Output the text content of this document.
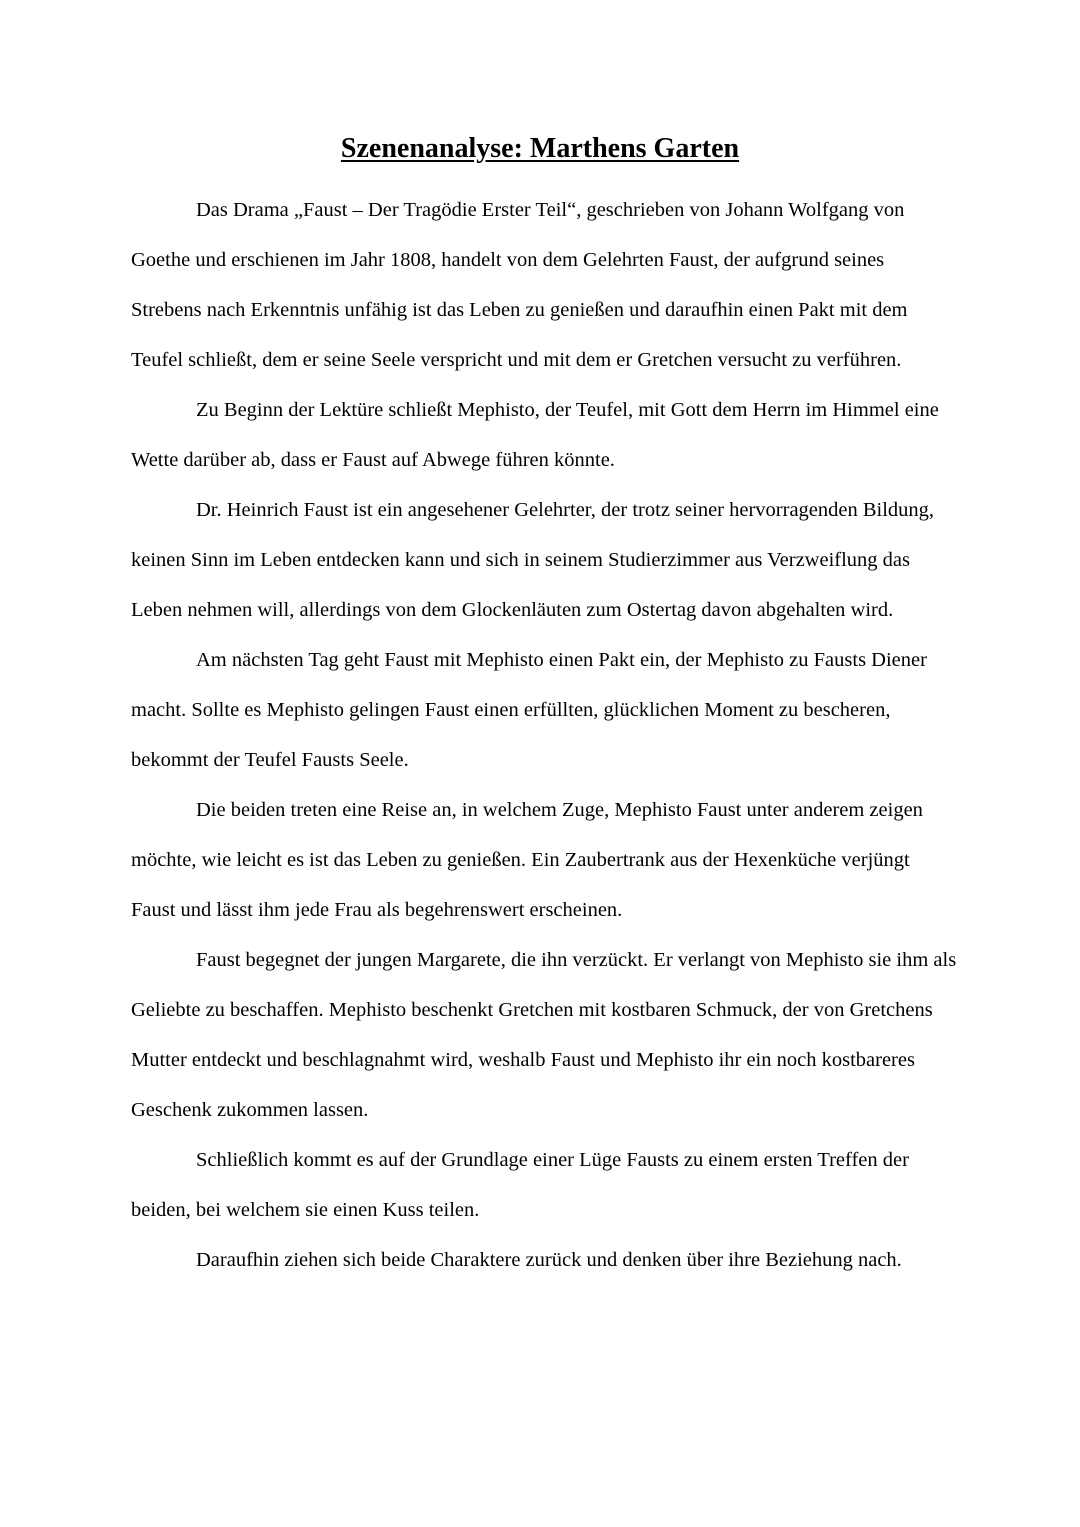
Szenenanalyse: Marthens Garten

Das Drama „Faust – Der Tragödie Erster Teil“, geschrieben von Johann Wolfgang von Goethe und erschienen im Jahr 1808, handelt von dem Gelehrten Faust, der aufgrund seines Strebens nach Erkenntnis unfähig ist das Leben zu genießen und daraufhin einen Pakt mit dem Teufel schließt, dem er seine Seele verspricht und mit dem er Gretchen versucht zu verführen.

Zu Beginn der Lektüre schließt Mephisto, der Teufel, mit Gott dem Herrn im Himmel eine Wette darüber ab, dass er Faust auf Abwege führen könnte.

Dr. Heinrich Faust ist ein angesehener Gelehrter, der trotz seiner hervorragenden Bildung, keinen Sinn im Leben entdecken kann und sich in seinem Studierzimmer aus Verzweiflung das Leben nehmen will, allerdings von dem Glockenläuten zum Ostertag davon abgehalten wird.

Am nächsten Tag geht Faust mit Mephisto einen Pakt ein, der Mephisto zu Fausts Diener macht. Sollte es Mephisto gelingen Faust einen erfüllten, glücklichen Moment zu bescheren, bekommt der Teufel Fausts Seele.

Die beiden treten eine Reise an, in welchem Zuge, Mephisto Faust unter anderem zeigen möchte, wie leicht es ist das Leben zu genießen. Ein Zaubertrank aus der Hexenküche verjüngt Faust und lässt ihm jede Frau als begehrenswert erscheinen.

Faust begegnet der jungen Margarete, die ihn verzückt. Er verlangt von Mephisto sie ihm als Geliebte zu beschaffen. Mephisto beschenkt Gretchen mit kostbaren Schmuck, der von Gretchens Mutter entdeckt und beschlagnahmt wird, weshalb Faust und Mephisto ihr ein noch kostbareres Geschenk zukommen lassen.

Schließlich kommt es auf der Grundlage einer Lüge Fausts zu einem ersten Treffen der beiden, bei welchem sie einen Kuss teilen.

Daraufhin ziehen sich beide Charaktere zurück und denken über ihre Beziehung nach.
